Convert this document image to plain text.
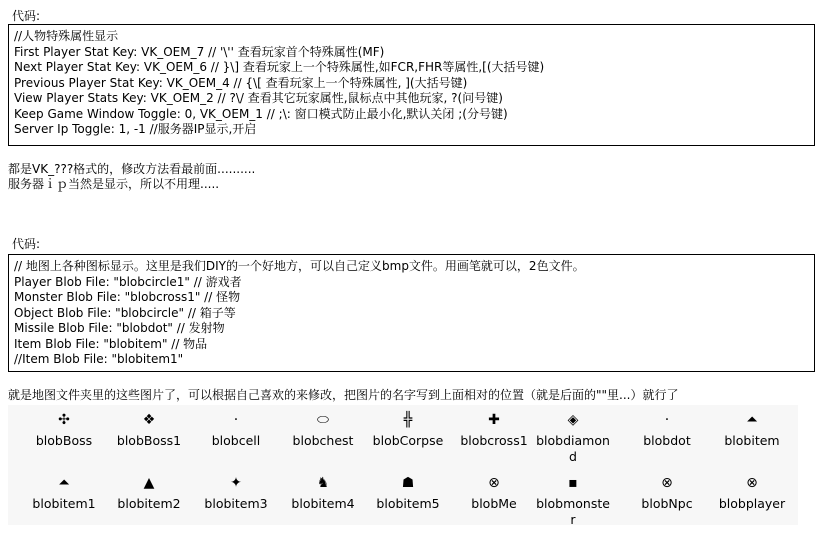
代码:
//人物特殊属性显示
First Player Stat Key: VK_OEM_7 // '\'' 查看玩家首个特殊属性(MF)
Next Player Stat Key: VK_OEM_6 // }\] 查看玩家上一个特殊属性,如FCR,FHR等属性,[(大括号键)
Previous Player Stat Key: VK_OEM_4 // {\[ 查看玩家上一个特殊属性, ](大括号键)
View Player Stats Key: VK_OEM_2 // ?\/ 查看其它玩家属性,鼠标点中其他玩家, ?(问号键)
Keep Game Window Toggle: 0, VK_OEM_1 // ;\: 窗口模式防止最小化,默认关闭 ;(分号键)
Server Ip Toggle: 1, -1 //服务器IP显示,开启
都是VK_???格式的，修改方法看最前面..........
服务器ｉｐ当然是显示，所以不用理.....
代码:
// 地图上各种图标显示。这里是我们DIY的一个好地方，可以自己定义bmp文件。用画笔就可以，2色文件。
Player Blob File: "blobcircle1" // 游戏者
Monster Blob File: "blobcross1" // 怪物
Object Blob File: "blobcircle" // 箱子等
Missile Blob File: "blobdot" // 发射物
Item Blob File: "blobitem" // 物品
//Item Blob File: "blobitem1"
就是地图文件夹里的这些图片了，可以根据自己喜欢的来修改，把图片的名字写到上面相对的位置（就是后面的""里...）就行了
✣
blobBoss
❖
blobBoss1
·
blobcell
⬭
blobchest
╬
blobCorpse
✚
blobcross1
◈
blobdiamond
·
blobdot
⏶
blobitem
⏶
blobitem1
▲
blobitem2
✦
blobitem3
♞
blobitem4
☗
blobitem5
⊗
blobMe
▪
blobmonster
⊗
blobNpc
⊗
blobplayer
